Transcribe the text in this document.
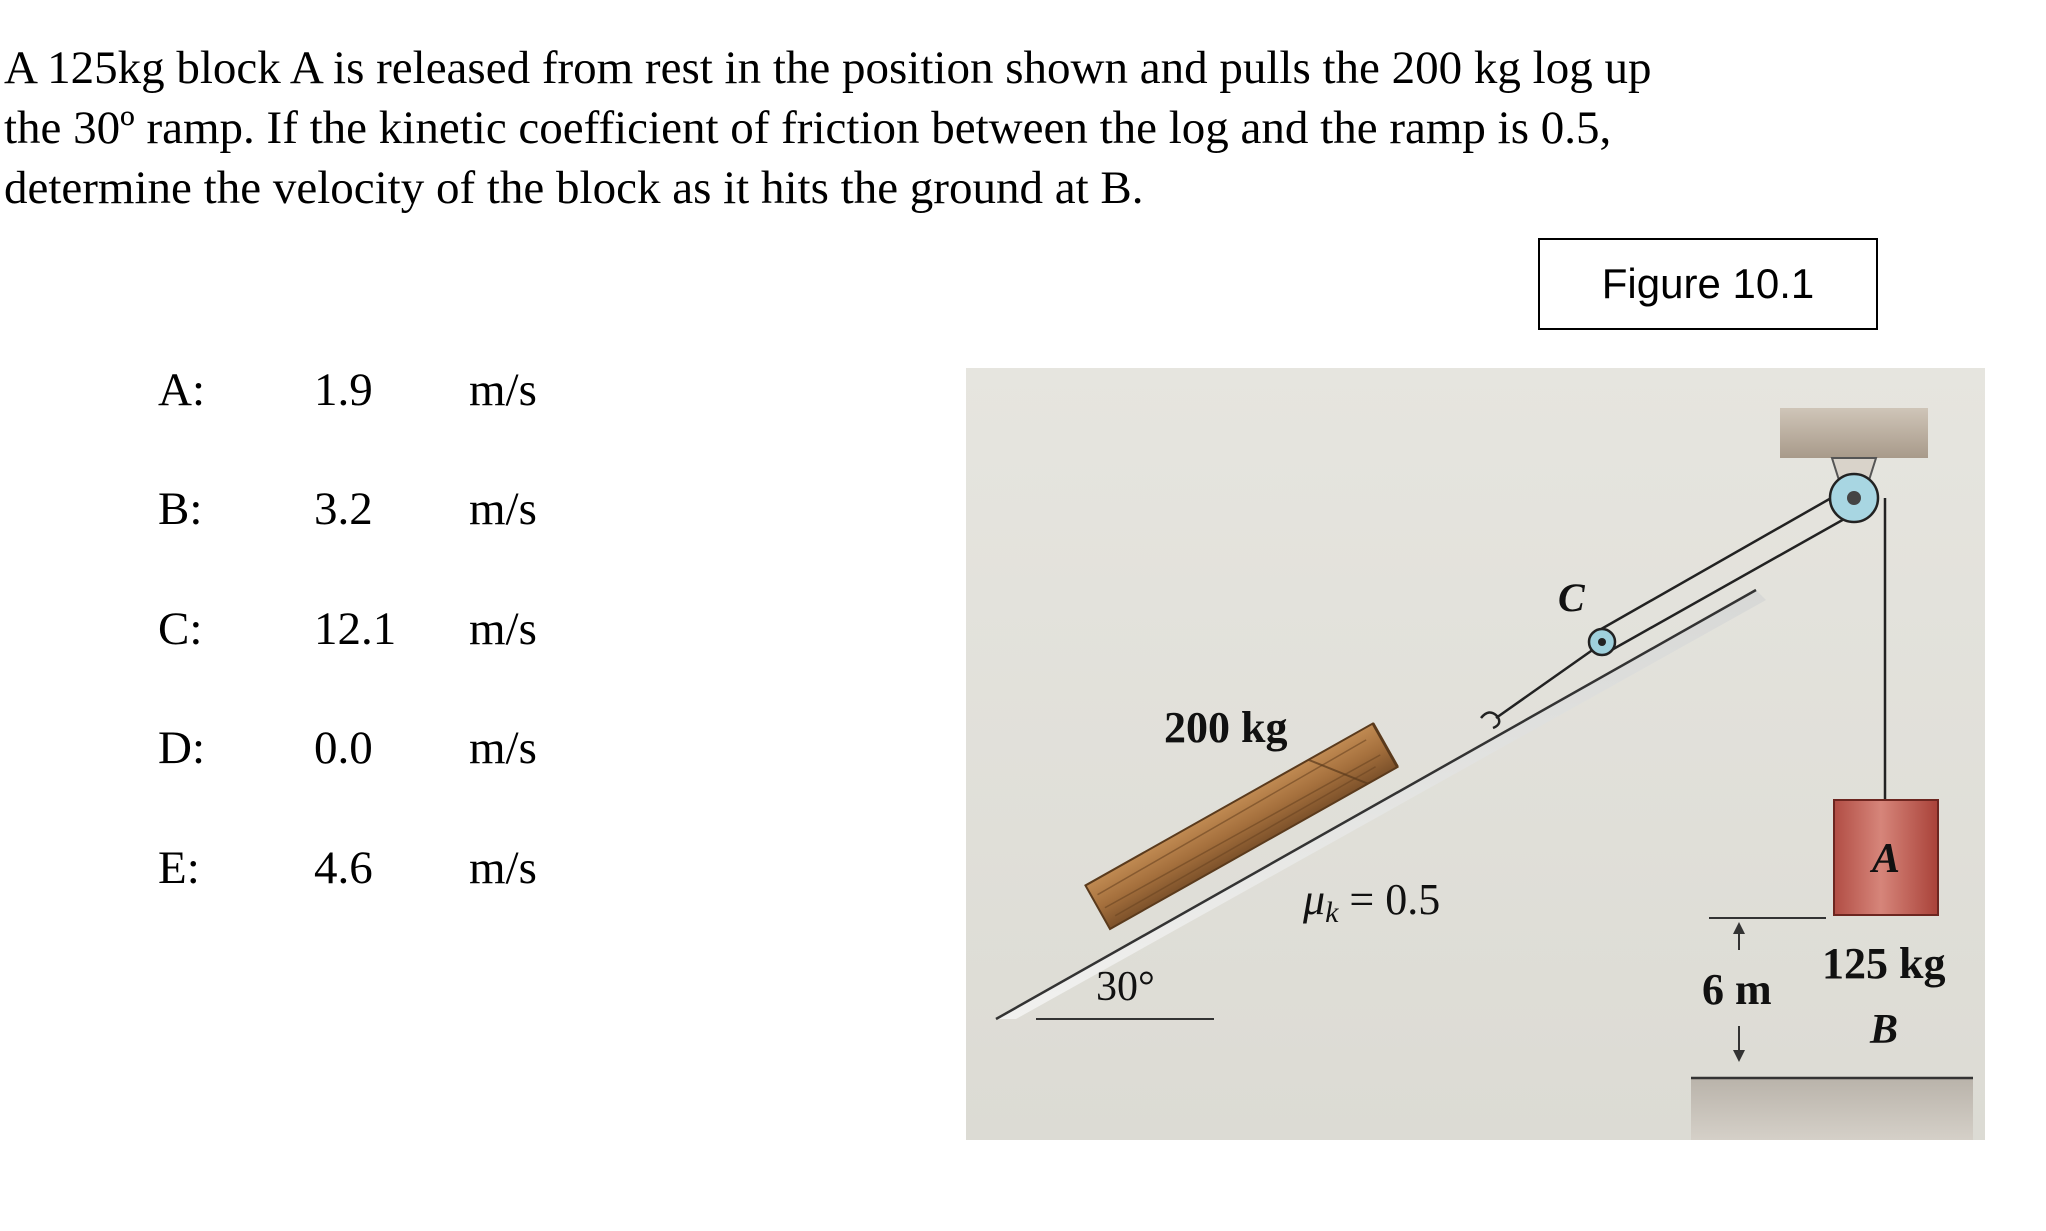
A 125kg block A is released from rest in the position shown and pulls the 200 kg log up
the 30º ramp. If the kinetic coefficient of friction between the log and the ramp is 0.5,
determine the velocity of the block as it hits the ground at B.

A: 1.9 m/s
B: 3.2 m/s
C: 12.1 m/s
D: 0.0 m/s
E: 4.6 m/s
Figure 10.1
200 kg
μk = 0.5
30°
C
A
125 kg
6 m
B
